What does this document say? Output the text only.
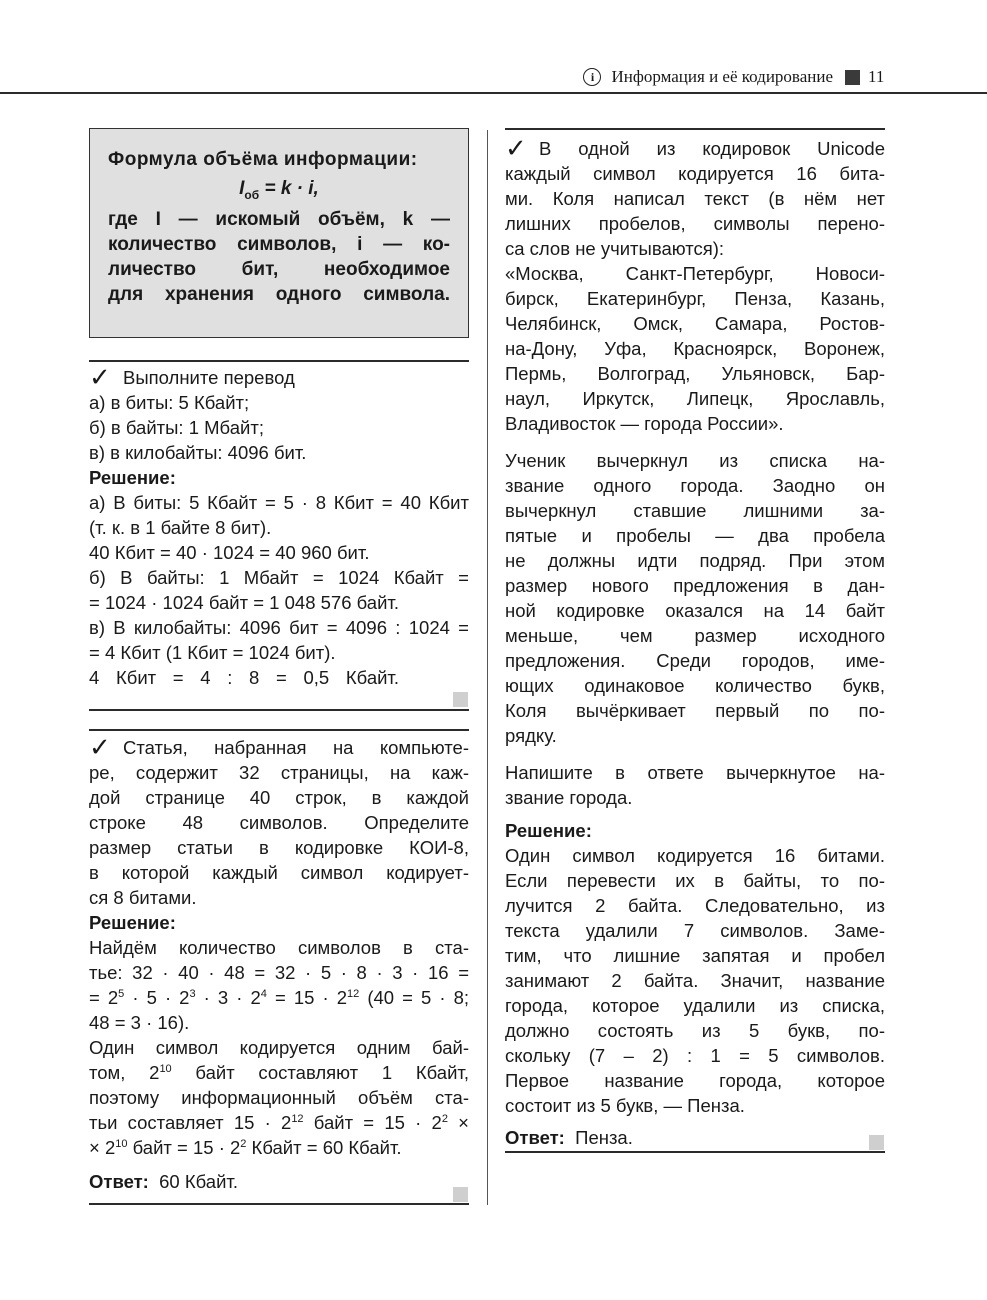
i	Информация и её кодирование 11
Формула объёма информации:
$I_{об} = k \cdot i$,
где I — искомый объём, k —
количество символов, i — ко-
личество бит, необходимое
для хранения одного символа.

✓ Выполните перевод

а) в биты: 5 Кбайт;

б) в байты: 1 Мбайт;

в) в килобайты: 4096 бит.

Решение:

а) В биты: 5 Кбайт = 5 · 8 Кбит = 40 Кбит
(т. к. в 1 байте 8 бит).
40 Кбит = 40 · 1024 = 40 960 бит.
б) В байты: 1 Мбайт = 1024 Кбайт =
= 1024 · 1024 байт = 1 048 576 байт.
в) В килобайты: 4096 бит = 4096 : 1024 =
= 4 Кбит (1 Кбит = 1024 бит).
4 Кбит = 4 : 8 = 0,5 Кбайт.
✓ Статья, набранная на компьюте-
ре, содержит 32 страницы, на каж-
дой странице 40 строк, в каждой
строке 48 символов. Определите
размер статьи в кодировке КОИ-8,
в которой каждый символ кодирует-
ся 8 битами.

Решение:

Найдём количество символов в ста-
тье: 32 · 40 · 48 = 32 · 5 · 8 · 3 · 16 =
= $2^5 \cdot 5 \cdot 2^3 \cdot 3 \cdot 2^4 = 15 \cdot 2^{12}$ (40 = 5 · 8;
48 = 3 · 16).
Один символ кодируется одним бай-
том, $2^{10}$ байт составляют 1 Кбайт,
поэтому информационный объём ста-
тьи составляет $15 \cdot 2^{12}$ байт = $15 \cdot 2^2$ ×
× $2^{10}$ байт = $15 \cdot 2^2$ Кбайт = 60 Кбайт.

Ответ: 60 Кбайт.

✓ В одной из кодировок Unicode
каждый символ кодируется 16 бита-
ми. Коля написал текст (в нём нет
лишних пробелов, символы перено-
са слов не учитываются):
«Москва, Санкт-Петербург, Новоси-
бирск, Екатеринбург, Пенза, Казань,
Челябинск, Омск, Самара, Ростов-
на-Дону, Уфа, Красноярск, Воронеж,
Пермь, Волгоград, Ульяновск, Бар-
наул, Иркутск, Липецк, Ярославль,
Владивосток — города России».
Ученик вычеркнул из списка на-
звание одного города. Заодно он
вычеркнул ставшие лишними за-
пятые и пробелы — два пробела
не должны идти подряд. При этом
размер нового предложения в дан-
ной кодировке оказался на 14 байт
меньше, чем размер исходного
предложения. Среди городов, име-
ющих одинаковое количество букв,
Коля вычёркивает первый по по-
рядку.
Напишите в ответе вычеркнутое на-
звание города.

Решение:

Один символ кодируется 16 битами.
Если перевести их в байты, то по-
лучится 2 байта. Следовательно, из
текста удалили 7 символов. Заме-
тим, что лишние запятая и пробел
занимают 2 байта. Значит, название
города, которое удалили из списка,
должно состоять из 5 букв, по-
скольку (7 – 2) : 1 = 5 символов.
Первое название города, которое
состоит из 5 букв, — Пенза.

Ответ: Пенза.
